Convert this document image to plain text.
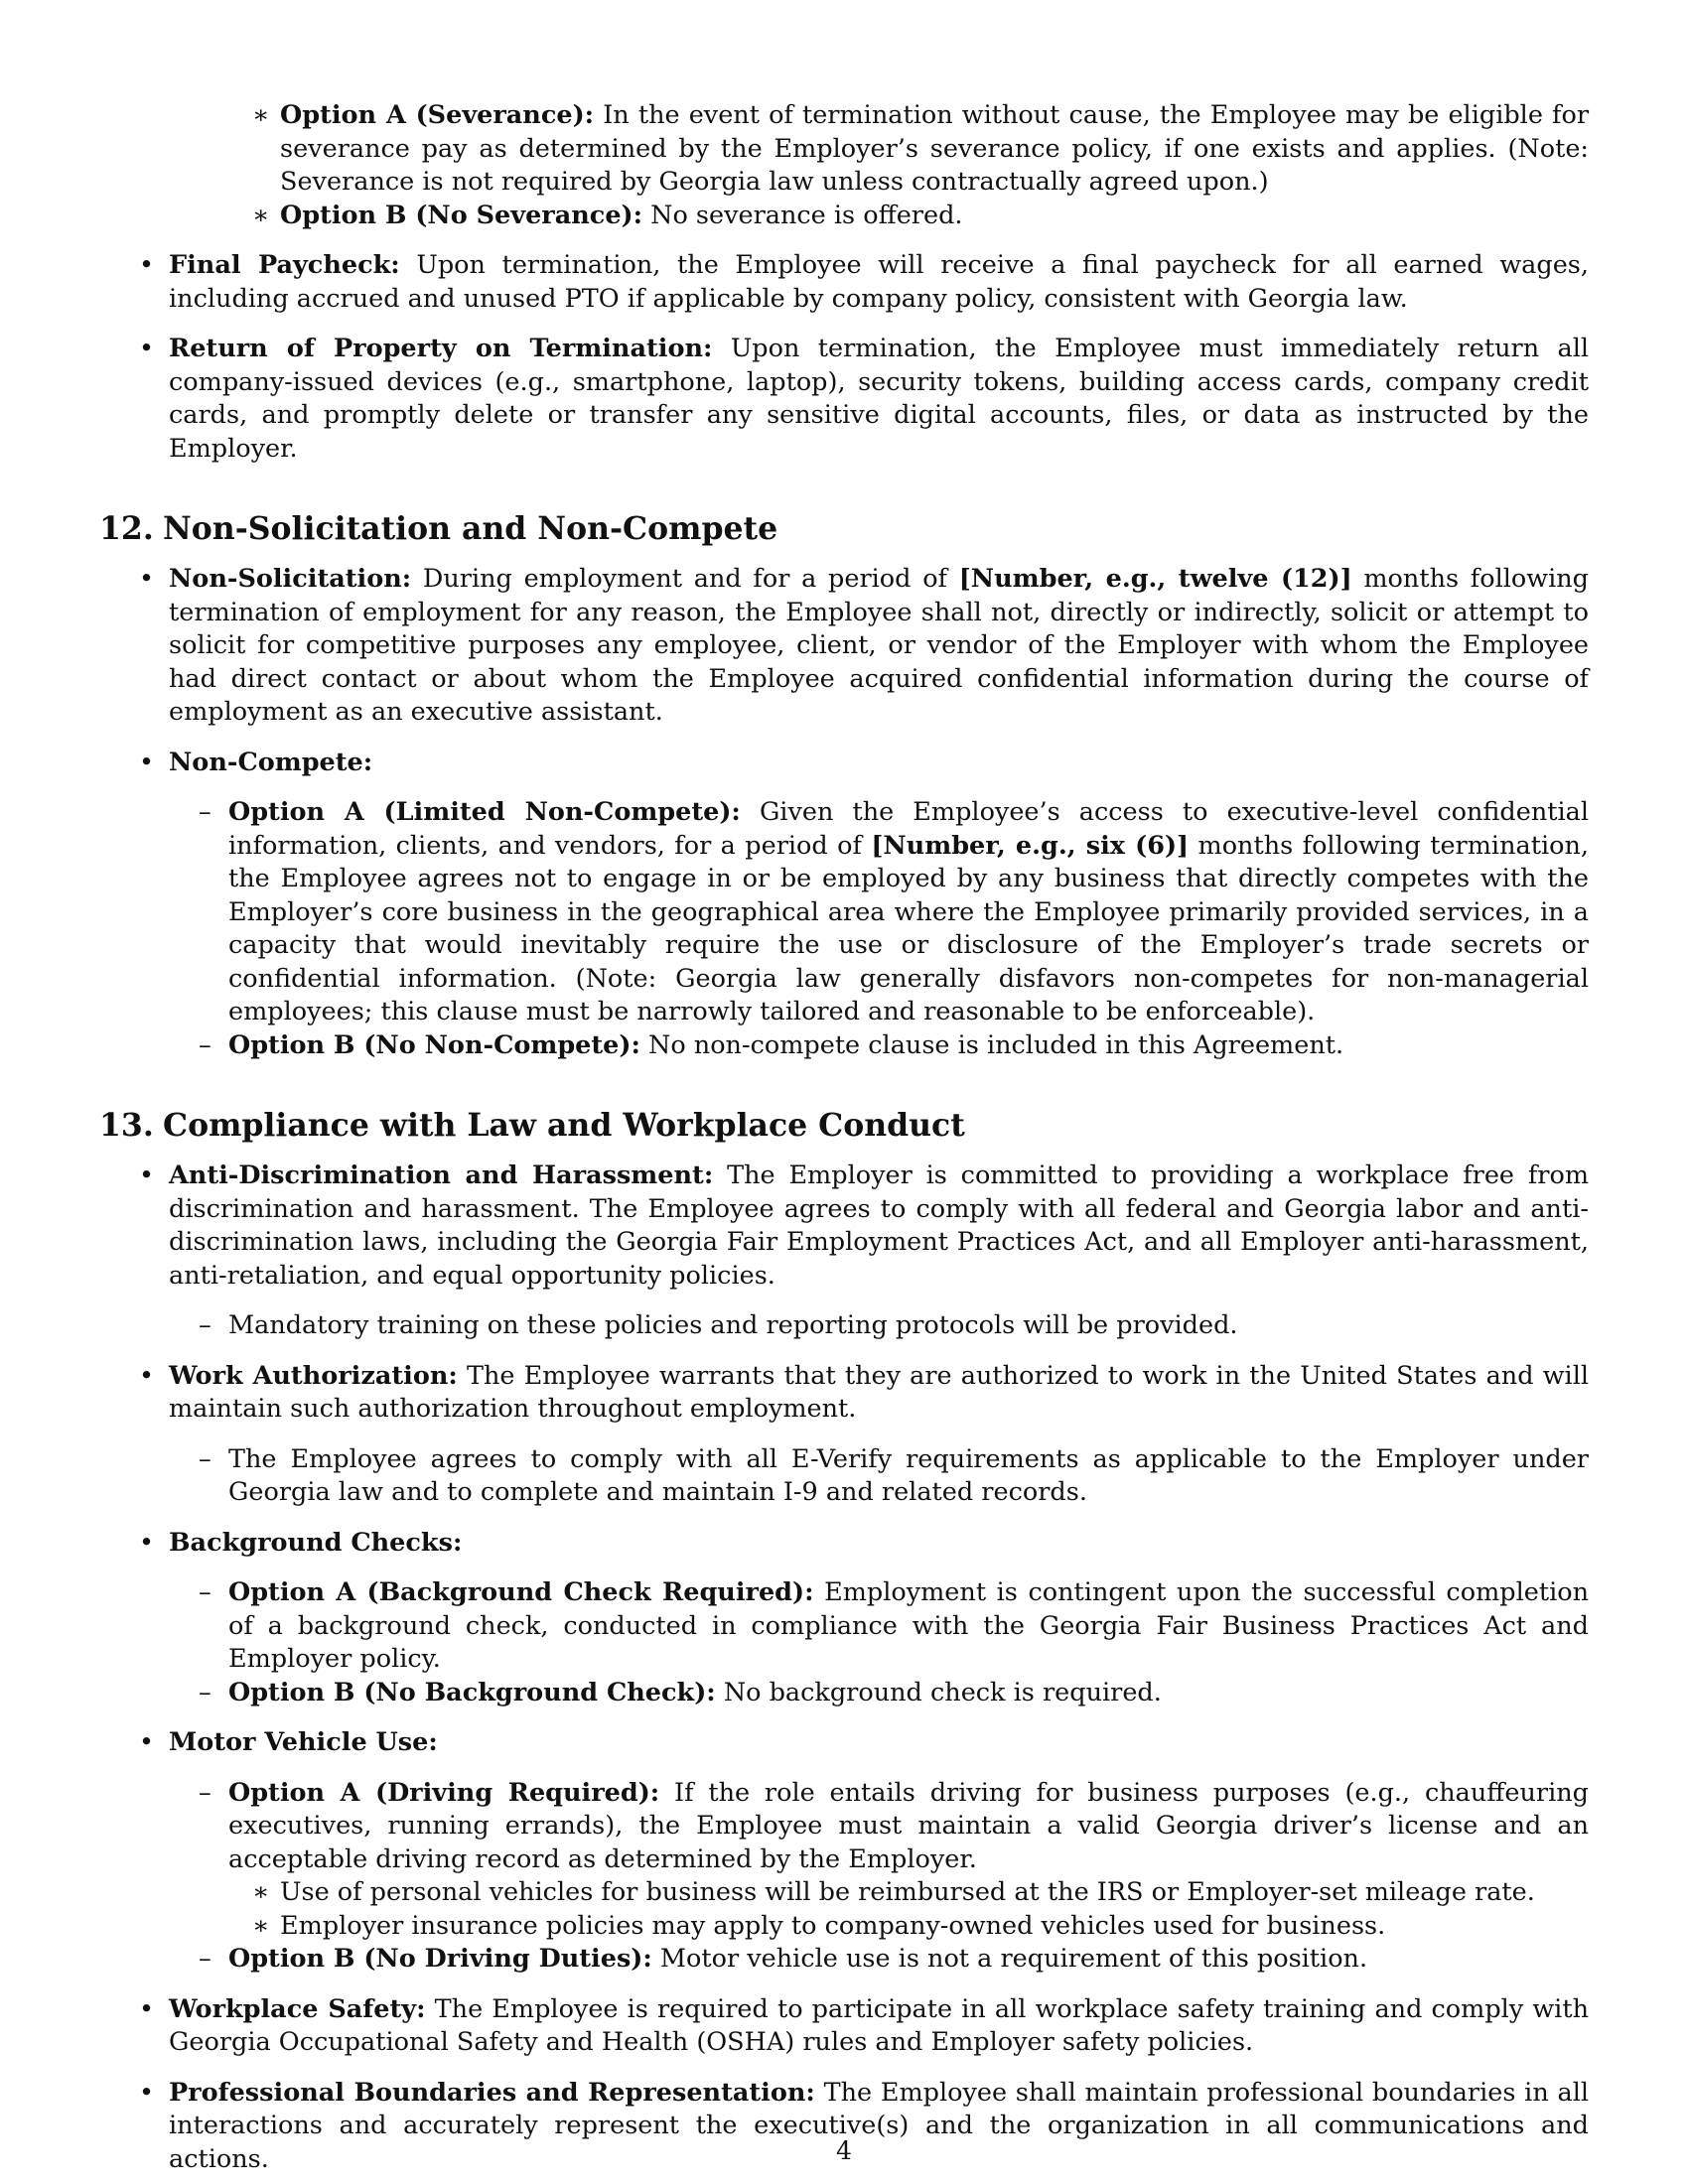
∗ Option A (Severance): In the event of termination without cause, the Employee may be eligible for severance pay as determined by the Employer’s severance policy, if one exists and applies. (Note: Severance is not required by Georgia law unless contractually agreed upon.)

∗ Option B (No Severance): No severance is offered.

• Final Paycheck: Upon termination, the Employee will receive a final paycheck for all earned wages, including accrued and unused PTO if applicable by company policy, consistent with Georgia law.

• Return of Property on Termination: Upon termination, the Employee must immediately return all company-issued devices (e.g., smartphone, laptop), security tokens, building access cards, company credit cards, and promptly delete or transfer any sensitive digital accounts, files, or data as instructed by the Employer.

12. Non-Solicitation and Non-Compete

• Non-Solicitation: During employment and for a period of [Number, e.g., twelve (12)] months following termination of employment for any reason, the Employee shall not, directly or indirectly, solicit or attempt to solicit for competitive purposes any employee, client, or vendor of the Employer with whom the Employee had direct contact or about whom the Employee acquired confidential information during the course of employment as an executive assistant.

• Non-Compete:

– Option A (Limited Non-Compete): Given the Employee’s access to executive-level confidential information, clients, and vendors, for a period of [Number, e.g., six (6)] months following termination, the Employee agrees not to engage in or be employed by any business that directly competes with the Employer’s core business in the geographical area where the Employee primarily provided services, in a capacity that would inevitably require the use or disclosure of the Employer’s trade secrets or confidential information. (Note: Georgia law generally disfavors non-competes for non-managerial employees; this clause must be narrowly tailored and reasonable to be enforceable).

– Option B (No Non-Compete): No non-compete clause is included in this Agreement.

13. Compliance with Law and Workplace Conduct

• Anti-Discrimination and Harassment: The Employer is committed to providing a workplace free from discrimination and harassment. The Employee agrees to comply with all federal and Georgia labor and anti-discrimination laws, including the Georgia Fair Employment Practices Act, and all Employer anti-harassment, anti-retaliation, and equal opportunity policies.

– Mandatory training on these policies and reporting protocols will be provided.

• Work Authorization: The Employee warrants that they are authorized to work in the United States and will maintain such authorization throughout employment.

– The Employee agrees to comply with all E-Verify requirements as applicable to the Employer under Georgia law and to complete and maintain I-9 and related records.

• Background Checks:

– Option A (Background Check Required): Employment is contingent upon the successful completion of a background check, conducted in compliance with the Georgia Fair Business Practices Act and Employer policy.

– Option B (No Background Check): No background check is required.

• Motor Vehicle Use:

– Option A (Driving Required): If the role entails driving for business purposes (e.g., chauffeuring executives, running errands), the Employee must maintain a valid Georgia driver’s license and an acceptable driving record as determined by the Employer.

∗ Use of personal vehicles for business will be reimbursed at the IRS or Employer-set mileage rate.

∗ Employer insurance policies may apply to company-owned vehicles used for business.

– Option B (No Driving Duties): Motor vehicle use is not a requirement of this position.

• Workplace Safety: The Employee is required to participate in all workplace safety training and comply with Georgia Occupational Safety and Health (OSHA) rules and Employer safety policies.

• Professional Boundaries and Representation: The Employee shall maintain professional boundaries in all interactions and accurately represent the executive(s) and the organization in all communications and actions.	4
